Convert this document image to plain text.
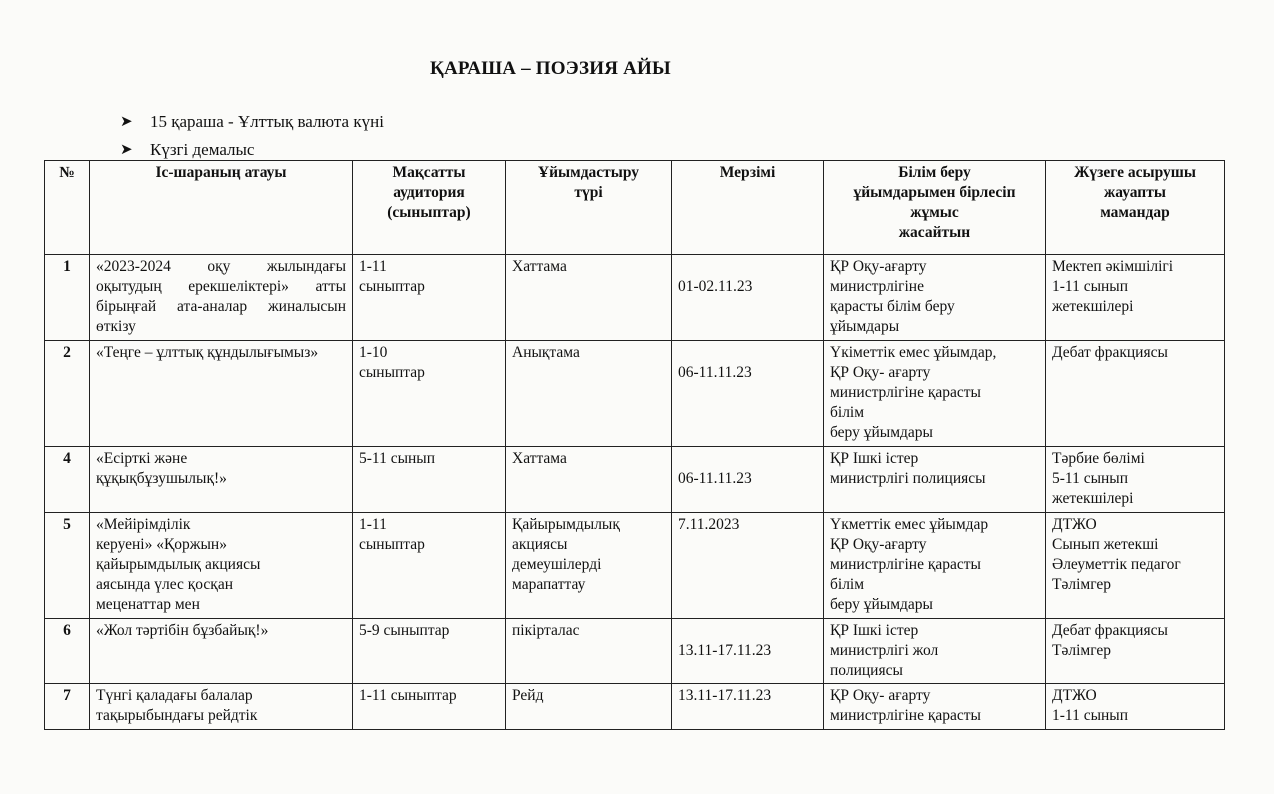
ҚАРАША – ПОЭЗИЯ АЙЫ
➤	15 қараша - Ұлттық валюта күні
➤	Күзгі демалыс
№	Іс-шараның атауы	Мақсатты
аудитория
(сыныптар)	Ұйымдастыру
түрі	Мерзімі	Білім беру
ұйымдарымен бірлесіп
жұмыс
жасайтын	Жүзеге асырушы
жауапты
мамандар

1	«2023-2024 оқу жылындағы оқытудың ерекшеліктері» атты бірыңғай ата-аналар жиналысын өткізу	1-11
сыныптар	Хаттама	01-02.11.23	ҚР Оқу-ағарту
министрлігіне
қарасты білім беру
ұйымдары	Мектеп әкімшілігі
1-11 сынып
жетекшілері

2	«Теңге – ұлттық құндылығымыз»	1-10
сыныптар	Анықтама	06-11.11.23	Үкіметтік емес ұйымдар,
ҚР Оқу- ағарту
министрлігіне қарасты
білім
беру ұйымдары	Дебат фракциясы

4	«Есірткі және
құқықбұзушылық!»	5-11 сынып	Хаттама	06-11.11.23	ҚР Ішкі істер
министрлігі полициясы	Тәрбие бөлімі
5-11 сынып
жетекшілері

5	«Мейірімділік
керуені» «Қоржын»
қайырымдылық акциясы
аясында үлес қосқан
меценаттар мен	1-11
сыныптар	Қайырымдылық
акциясы
демеушілерді
марапаттау	7.11.2023	Үкметтік емес ұйымдар
ҚР Оқу-ағарту
министрлігіне қарасты
білім
беру ұйымдары	ДТЖО
Сынып жетекші
Әлеуметтік педагог
Тәлімгер

6	«Жол тәртібін бұзбайық!»	5-9 сыныптар	пікірталас	13.11-17.11.23	ҚР Ішкі істер
министрлігі жол
полициясы	Дебат фракциясы
Тәлімгер

7	Түнгі қаладағы балалар
тақырыбындағы рейдтік	1-11 сыныптар	Рейд	13.11-17.11.23	ҚР Оқу- ағарту
министрлігіне қарасты	ДТЖО
1-11 сынып
